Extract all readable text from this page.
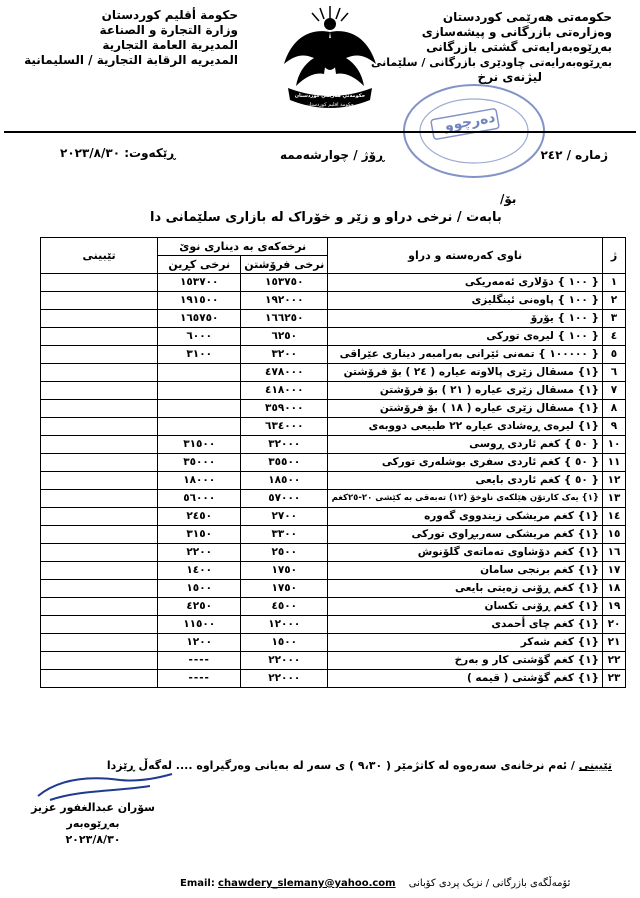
حكومة أقليم كوردستان
وزارة التجارة و الصناعة
المديرية العامة التجارية
المديريه الرقابة التجارية / السليمانية
حكومةتي هةريمي كوردستان
حكومة أقليم كوردستان
حکومەتی هەرێمی کوردستان
وەزارەتی بازرگانی و پیشەسازی
بەڕێوەبەرایەتی گشتی بازرگانی
بەڕێوەبەرایەتی چاودێری بازرگانی / سلێمانی
لیژنەی نرخ
دەرچوو
ژمارە / ٢٤٢
ڕۆژ / چوارشەممە
ڕێکەوت: ٢٠٢٣/٨/٣٠
بۆ/
بابەت / نرخی دراو و زێر و خۆراک لە بازاری سلێمانی دا
ژ	ناوی کەرەستە و دراو	نرخەکەی بە دیناری نوێ		تێبینی
		نرخی فرۆشتن	نرخی کڕین	
١	{ ١٠٠ } دۆلاری ئەمەریکی	١٥٣٧٥٠	١٥٣٧٠٠	
٢	{ ١٠٠ } پاوەنی ئینگلیزی	١٩٢٠٠٠	١٩١٥٠٠	
٣	{ ١٠٠ } یۆرۆ	١٦٦٢٥٠	١٦٥٧٥٠	
٤	{ ١٠٠ } لیرەی تورکی	٦٢٥٠	٦٠٠٠	
٥	{ ١٠٠٠٠٠ } تمەنی ئێرانی بەرامبەر دیناری عێراقی	٣٢٠٠	٣١٠٠	
٦	{١} مسقال زێری پالاوتە عیارە ( ٢٤ ) بۆ فرۆشتن	٤٧٨٠٠٠		
٧	{١} مسقال زێری عیارە ( ٢١ ) بۆ فرۆشتن	٤١٨٠٠٠		
٨	{١} مسقال زێری عیارە ( ١٨ ) بۆ فرۆشتن	٣٥٩٠٠٠		
٩	{١} لیرەی ڕەشادی عیارە ٢٢ طبیعی دووبەی	٦٣٤٠٠٠		
١٠	{ ٥٠ } کغم ئاردی ڕوسی	٣٢٠٠٠	٣١٥٠٠	
١١	{ ٥٠ } کغم ئاردی سفری بوشلەری تورکی	٣٥٥٠٠	٣٥٠٠٠	
١٢	{ ٥٠ } کغم ئاردی بایعی	١٨٥٠٠	١٨٠٠٠	
١٣	{١} یەک کارتۆن هێلکەی ناوخۆ (١٢) تەبەقی بە کێشی ٢٠-٢٥کغم	٥٧٠٠٠	٥٦٠٠٠	
١٤	{١} کغم مریشکی زیندووی گەورە	٢٧٠٠	٢٤٥٠	
١٥	{١} کغم مریشکی سەربڕاوی تورکی	٣٣٠٠	٣١٥٠	
١٦	{١} کغم دۆشاوی تەماتەی گلۆنوش	٢٥٠٠	٢٢٠٠	
١٧	{١} کغم برنجی سامان	١٧٥٠	١٤٠٠	
١٨	{١} کغم ڕۆنی زەیتی بایعی	١٧٥٠	١٥٠٠	
١٩	{١} کغم ڕۆنی تکسان	٤٥٠٠	٤٢٥٠	
٢٠	{١} کغم چای أحمدی	١٢٠٠٠	١١٥٠٠	
٢١	{١} کغم شەکر	١٥٠٠	١٢٠٠	
٢٢	{١} کغم گۆشتی کار و بەرخ	٢٢٠٠٠	----	
٢٣	{١} کغم گۆشتی ( قیمە )	٢٢٠٠٠	----	
تێبینی / ئەم نرخانەی سەرەوە لە کاتژمێر ( ٩،٣٠ ) ی سەر لە بەیانی وەرگیراوە .... لەگەڵ ڕێزدا
سۆران عبدالغفور عزیز
بەڕێوەبەر
٢٠٢٣/٨/٣٠
Email: chawdery_slemany@yahoo.com ئۆمەڵگەی بازرگانی / نزیک پردی کۆبانی
